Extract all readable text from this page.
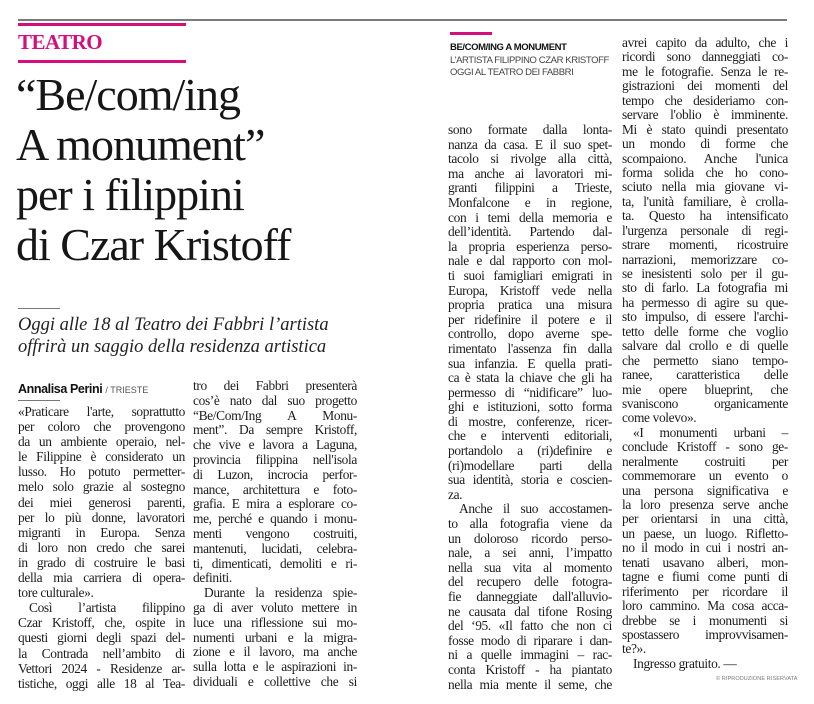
TEATRO
“Be/com/ing
A monument”
per i filippini
di Czar Kristoff
Oggi alle 18 al Teatro dei Fabbri l’artista
offrirà un saggio della residenza artistica
Annalisa Perini / TRIESTE
BE/COM/ING A MONUMENT
L’ARTISTA FILIPPINO CZAR KRISTOFF
OGGI AL TEATRO DEI FABBRI
«Praticare l'arte, soprattutto
per coloro che provengono
da un ambiente operaio, nel-
le Filippine è considerato un
lusso. Ho potuto permetter-
melo solo grazie al sostegno
dei miei generosi parenti,
per lo più donne, lavoratori
migranti in Europa. Senza
di loro non credo che sarei
in grado di costruire le basi
della mia carriera di opera-
tore culturale».
Così l’artista filippino
Czar Kristoff, che, ospite in
questi giorni degli spazi del-
la Contrada nell’ambito di
Vettori 2024 - Residenze ar-
tistiche, oggi alle 18 al Tea-
tro dei Fabbri presenterà
cos’è nato dal suo progetto
“Be/Com/Ing A Monu-
ment”. Da sempre Kristoff,
che vive e lavora a Laguna,
provincia filippina nell'isola
di Luzon, incrocia perfor-
mance, architettura e foto-
grafia. E mira a esplorare co-
me, perché e quando i monu-
menti vengono costruiti,
mantenuti, lucidati, celebra-
ti, dimenticati, demoliti e ri-
definiti.
Durante la residenza spie-
ga di aver voluto mettere in
luce una riflessione sui mo-
numenti urbani e la migra-
zione e il lavoro, ma anche
sulla lotta e le aspirazioni in-
dividuali e collettive che si
sono formate dalla lonta-
nanza da casa. E il suo spet-
tacolo si rivolge alla città,
ma anche ai lavoratori mi-
granti filippini a Trieste,
Monfalcone e in regione,
con i temi della memoria e
dell’identità. Partendo dal-
la propria esperienza perso-
nale e dal rapporto con mol-
ti suoi famigliari emigrati in
Europa, Kristoff vede nella
propria pratica una misura
per ridefinire il potere e il
controllo, dopo averne spe-
rimentato l'assenza fin dalla
sua infanzia. E quella prati-
ca è stata la chiave che gli ha
permesso di “nidificare” luo-
ghi e istituzioni, sotto forma
di mostre, conferenze, ricer-
che e interventi editoriali,
portandolo a (ri)definire e
(ri)modellare parti della
sua identità, storia e coscien-
za.
Anche il suo accostamen-
to alla fotografia viene da
un doloroso ricordo perso-
nale, a sei anni, l’impatto
nella sua vita al momento
del recupero delle fotogra-
fie danneggiate dall'alluvio-
ne causata dal tifone Rosing
del ‘95. «Il fatto che non ci
fosse modo di riparare i dan-
ni a quelle immagini – rac-
conta Kristoff - ha piantato
nella mia mente il seme, che
avrei capito da adulto, che i
ricordi sono danneggiati co-
me le fotografie. Senza le re-
gistrazioni dei momenti del
tempo che desideriamo con-
servare l'oblio è imminente.
Mi è stato quindi presentato
un mondo di forme che
scompaiono. Anche l'unica
forma solida che ho cono-
sciuto nella mia giovane vi-
ta, l'unità familiare, è crolla-
ta. Questo ha intensificato
l'urgenza personale di regi-
strare momenti, ricostruire
narrazioni, memorizzare co-
se inesistenti solo per il gu-
sto di farlo. La fotografia mi
ha permesso di agire su que-
sto impulso, di essere l'archi-
tetto delle forme che voglio
salvare dal crollo e di quelle
che permetto siano tempo-
ranee, caratteristica delle
mie opere blueprint, che
svaniscono organicamente
come volevo».
«I monumenti urbani –
conclude Kristoff - sono ge-
neralmente costruiti per
commemorare un evento o
una persona significativa e
la loro presenza serve anche
per orientarsi in una città,
un paese, un luogo. Rifletto-
no il modo in cui i nostri an-
tenati usavano alberi, mon-
tagne e fiumi come punti di
riferimento per ricordare il
loro cammino. Ma cosa acca-
drebbe se i monumenti si
spostassero improvvisamen-
te?».
Ingresso gratuito. —
© RIPRODUZIONE RISERVATA
